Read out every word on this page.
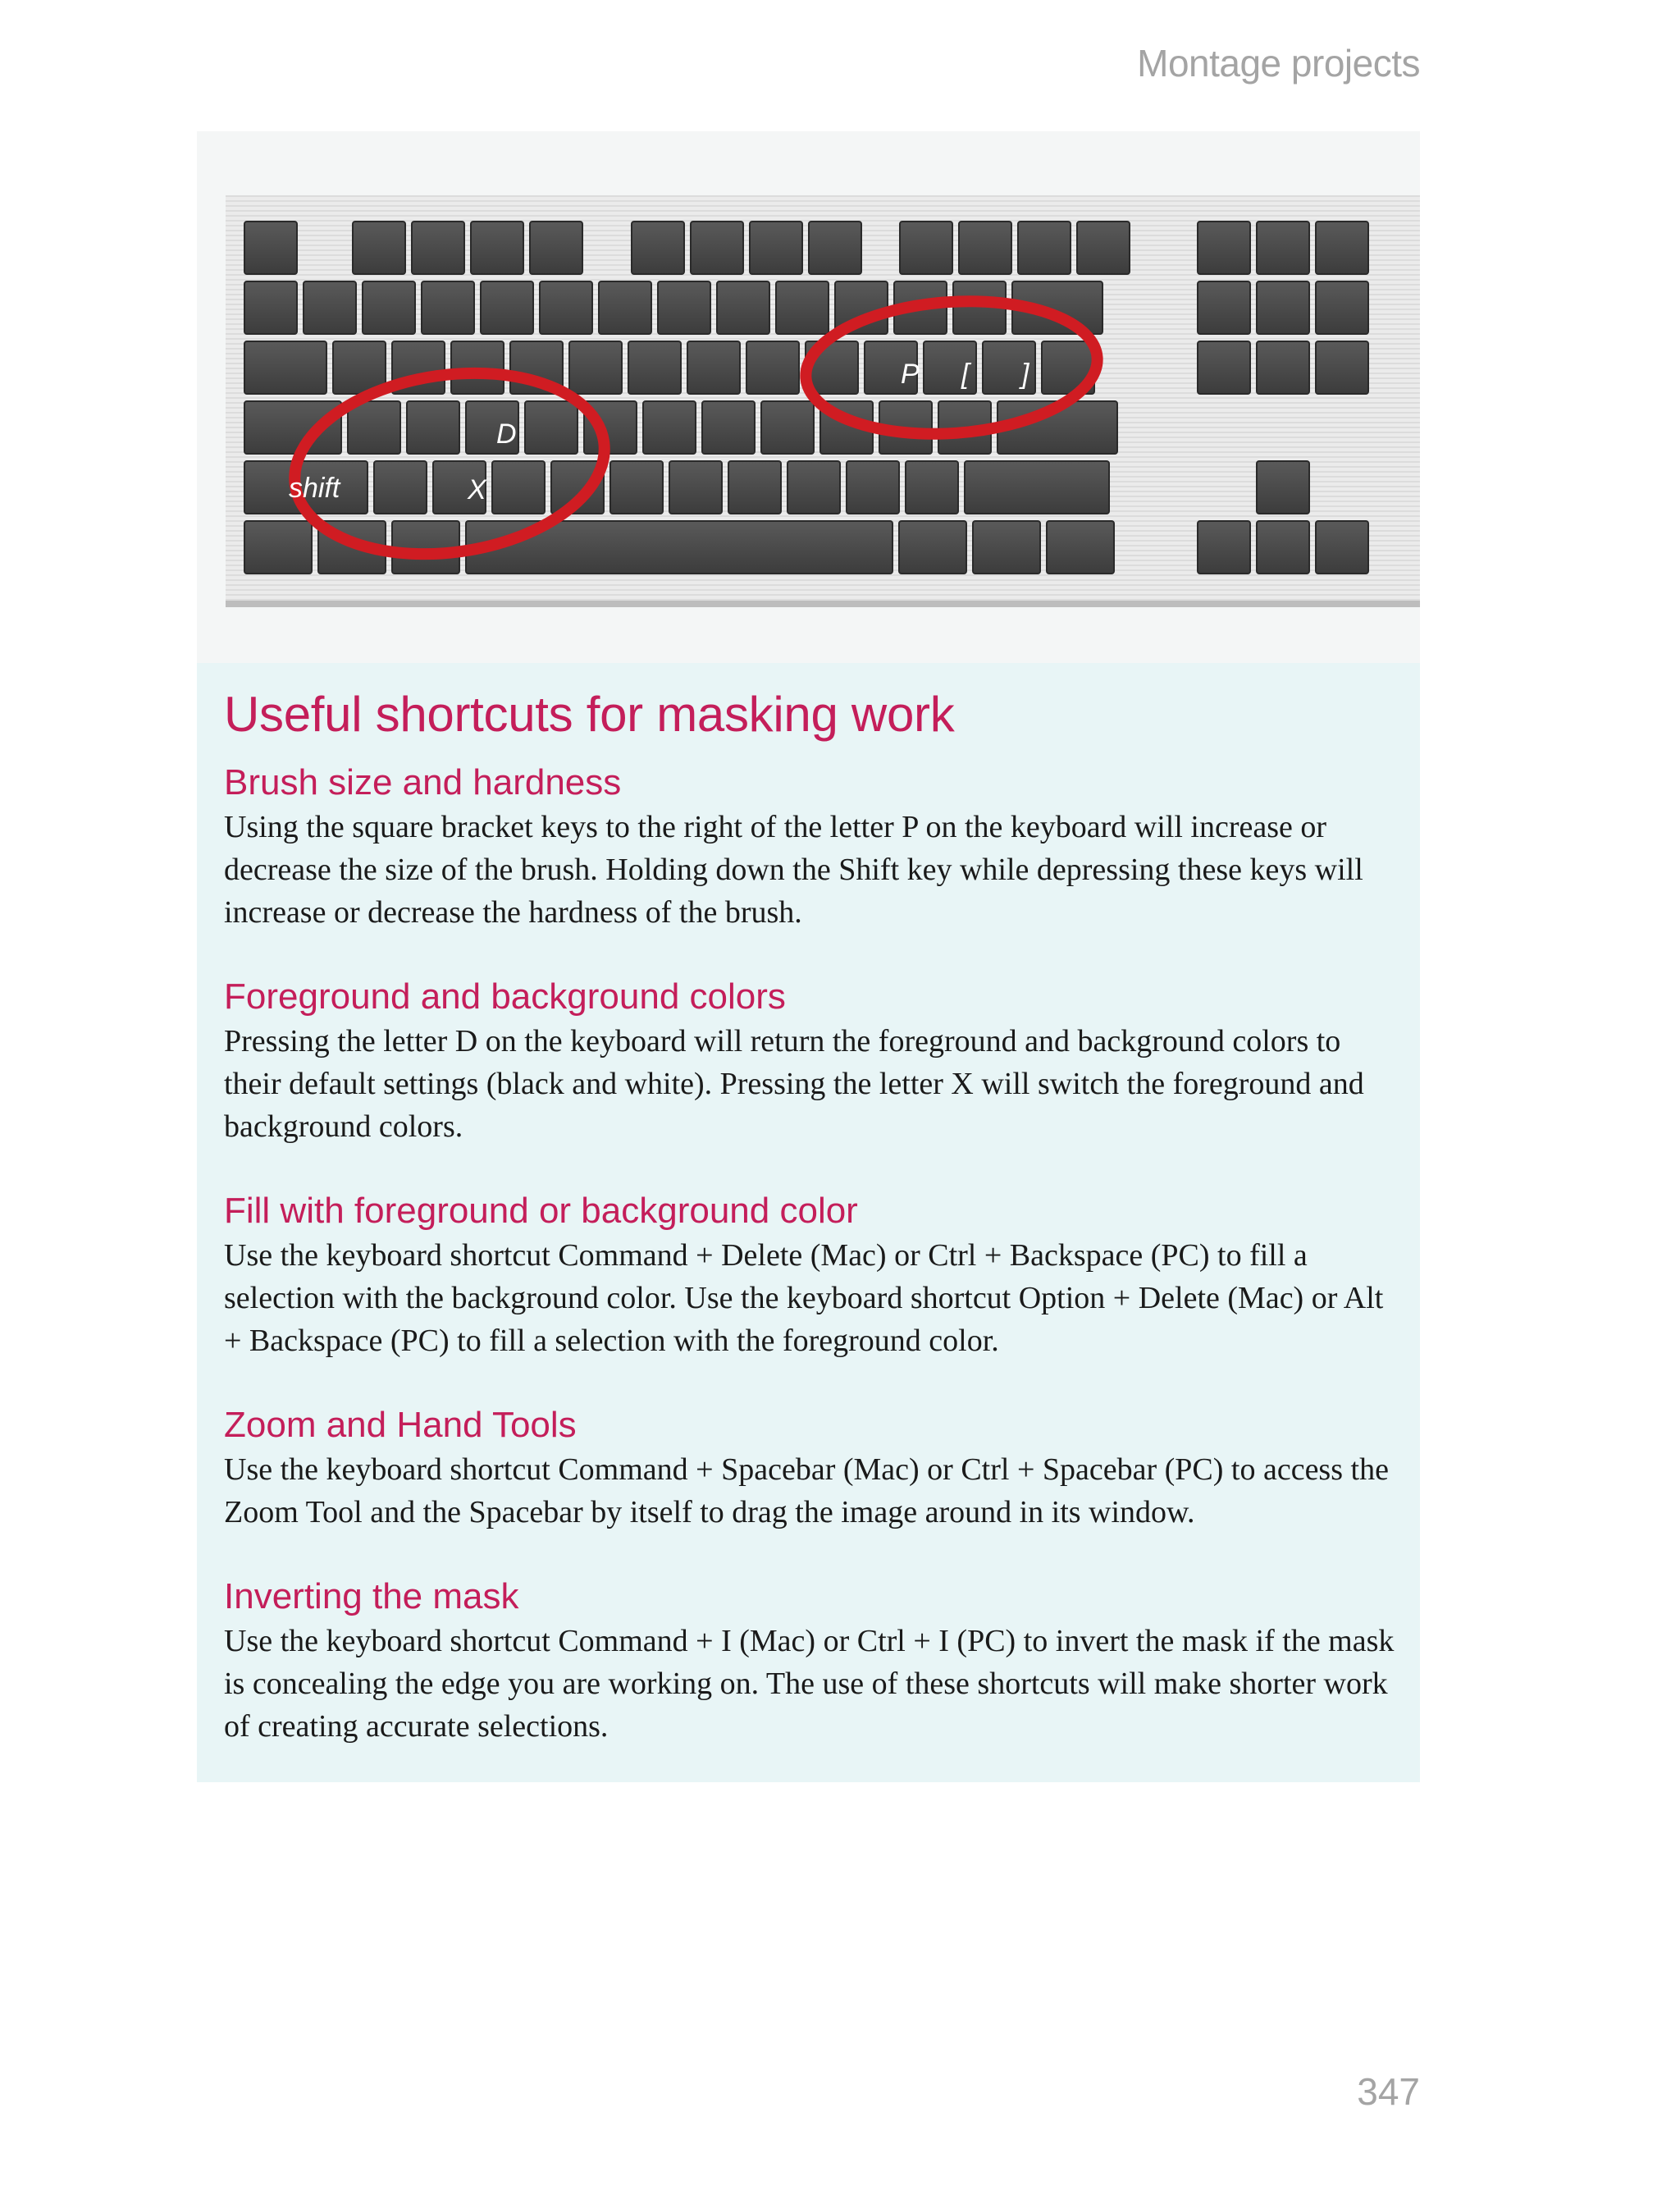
Montage projects
shift
D
X
P [ ]
Useful shortcuts for masking work
Brush size and hardness

Using the square bracket keys to the right of the letter P on the keyboard will increase or decrease the size of the brush. Holding down the Shift key while depressing these keys will increase or decrease the hardness of the brush.

Foreground and background colors

Pressing the letter D on the keyboard will return the foreground and background colors to their default settings (black and white). Pressing the letter X will switch the foreground and background colors.

Fill with foreground or background color

Use the keyboard shortcut Command + Delete (Mac) or Ctrl + Backspace (PC) to fill a selection with the background color. Use the keyboard shortcut Option + Delete (Mac) or Alt + Backspace (PC) to fill a selection with the foreground color.

Zoom and Hand Tools

Use the keyboard shortcut Command + Spacebar (Mac) or Ctrl + Spacebar (PC) to access the Zoom Tool and the Spacebar by itself to drag the image around in its window.

Inverting the mask

Use the keyboard shortcut Command + I (Mac) or Ctrl + I (PC) to invert the mask if the mask is concealing the edge you are working on. The use of these shortcuts will make shorter work of creating accurate selections.

347
